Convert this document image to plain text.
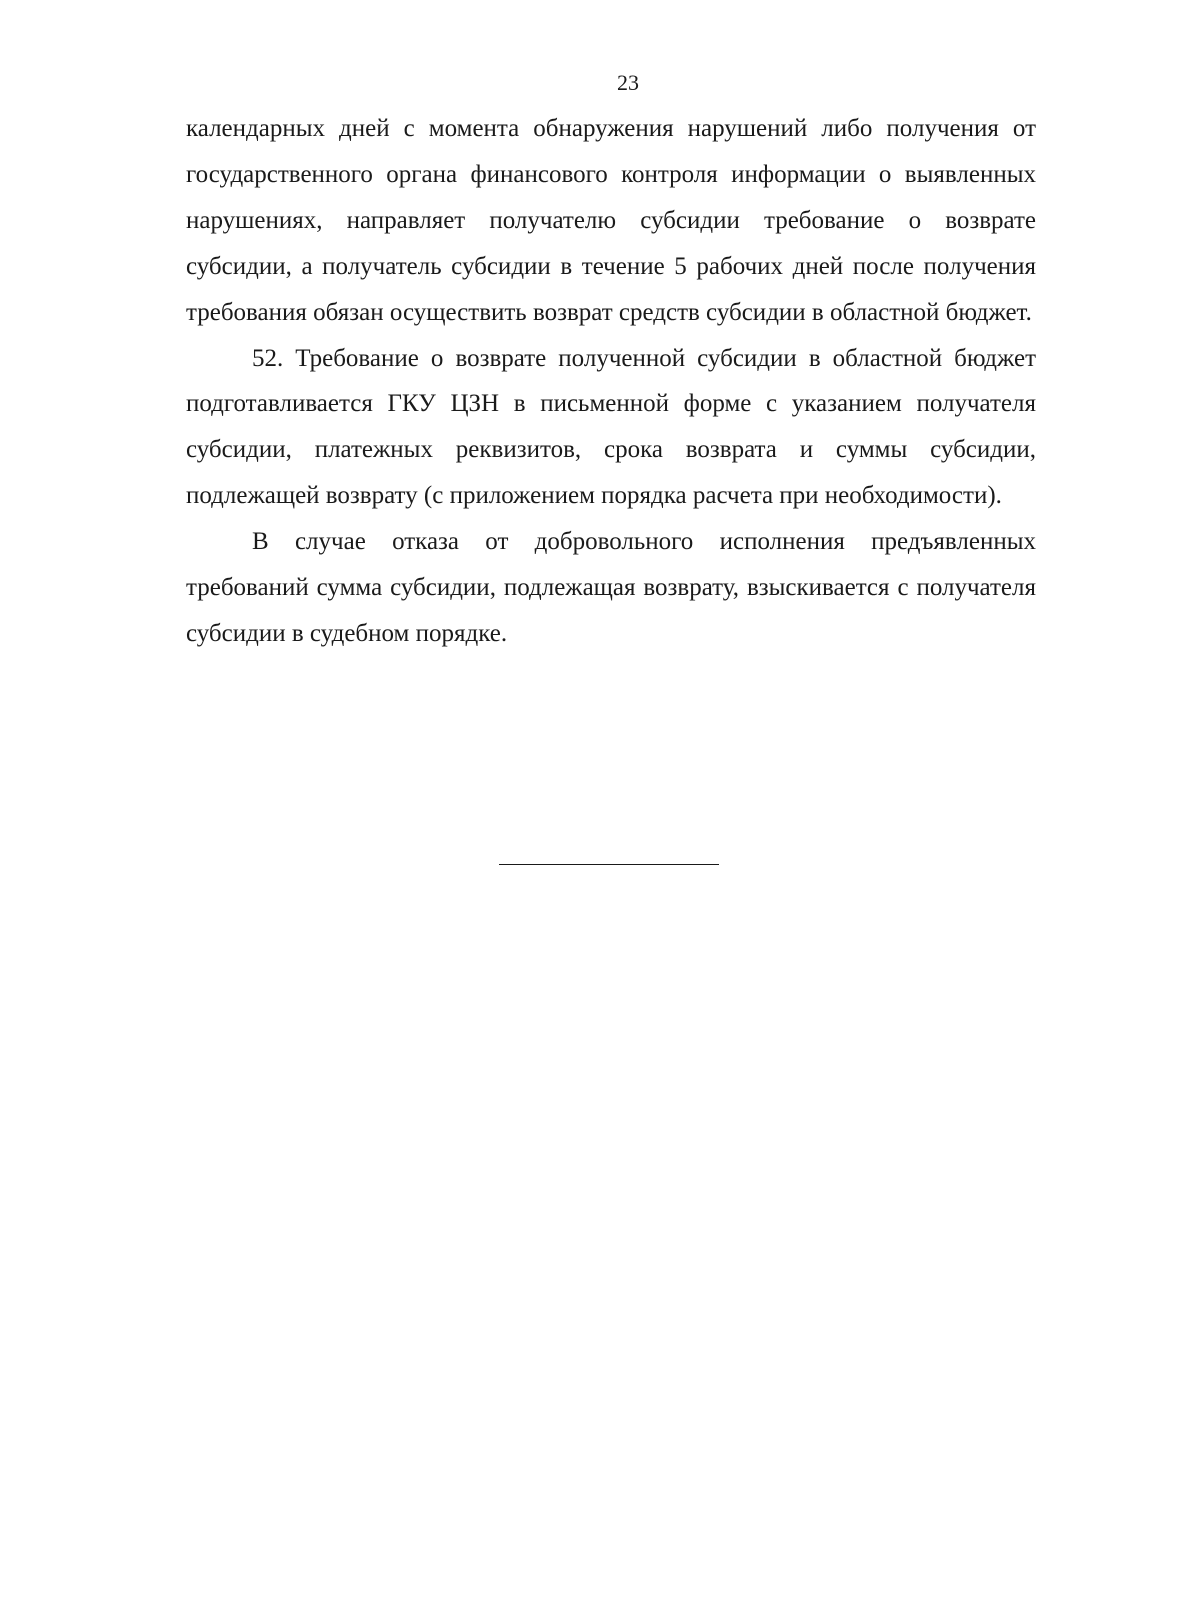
23

календарных дней с момента обнаружения нарушений либо получения от государственного органа финансового контроля информации о выявленных нарушениях, направляет получателю субсидии требование о возврате субсидии, а получатель субсидии в течение 5 рабочих дней после получения требования обязан осуществить возврат средств субсидии в областной бюджет.

52. Требование о возврате полученной субсидии в областной бюджет подготавливается ГКУ ЦЗН в письменной форме с указанием получателя субсидии, платежных реквизитов, срока возврата и суммы субсидии, подлежащей возврату (с приложением порядка расчета при необходимости).

В случае отказа от добровольного исполнения предъявленных требований сумма субсидии, подлежащая возврату, взыскивается с получателя субсидии в судебном порядке.
